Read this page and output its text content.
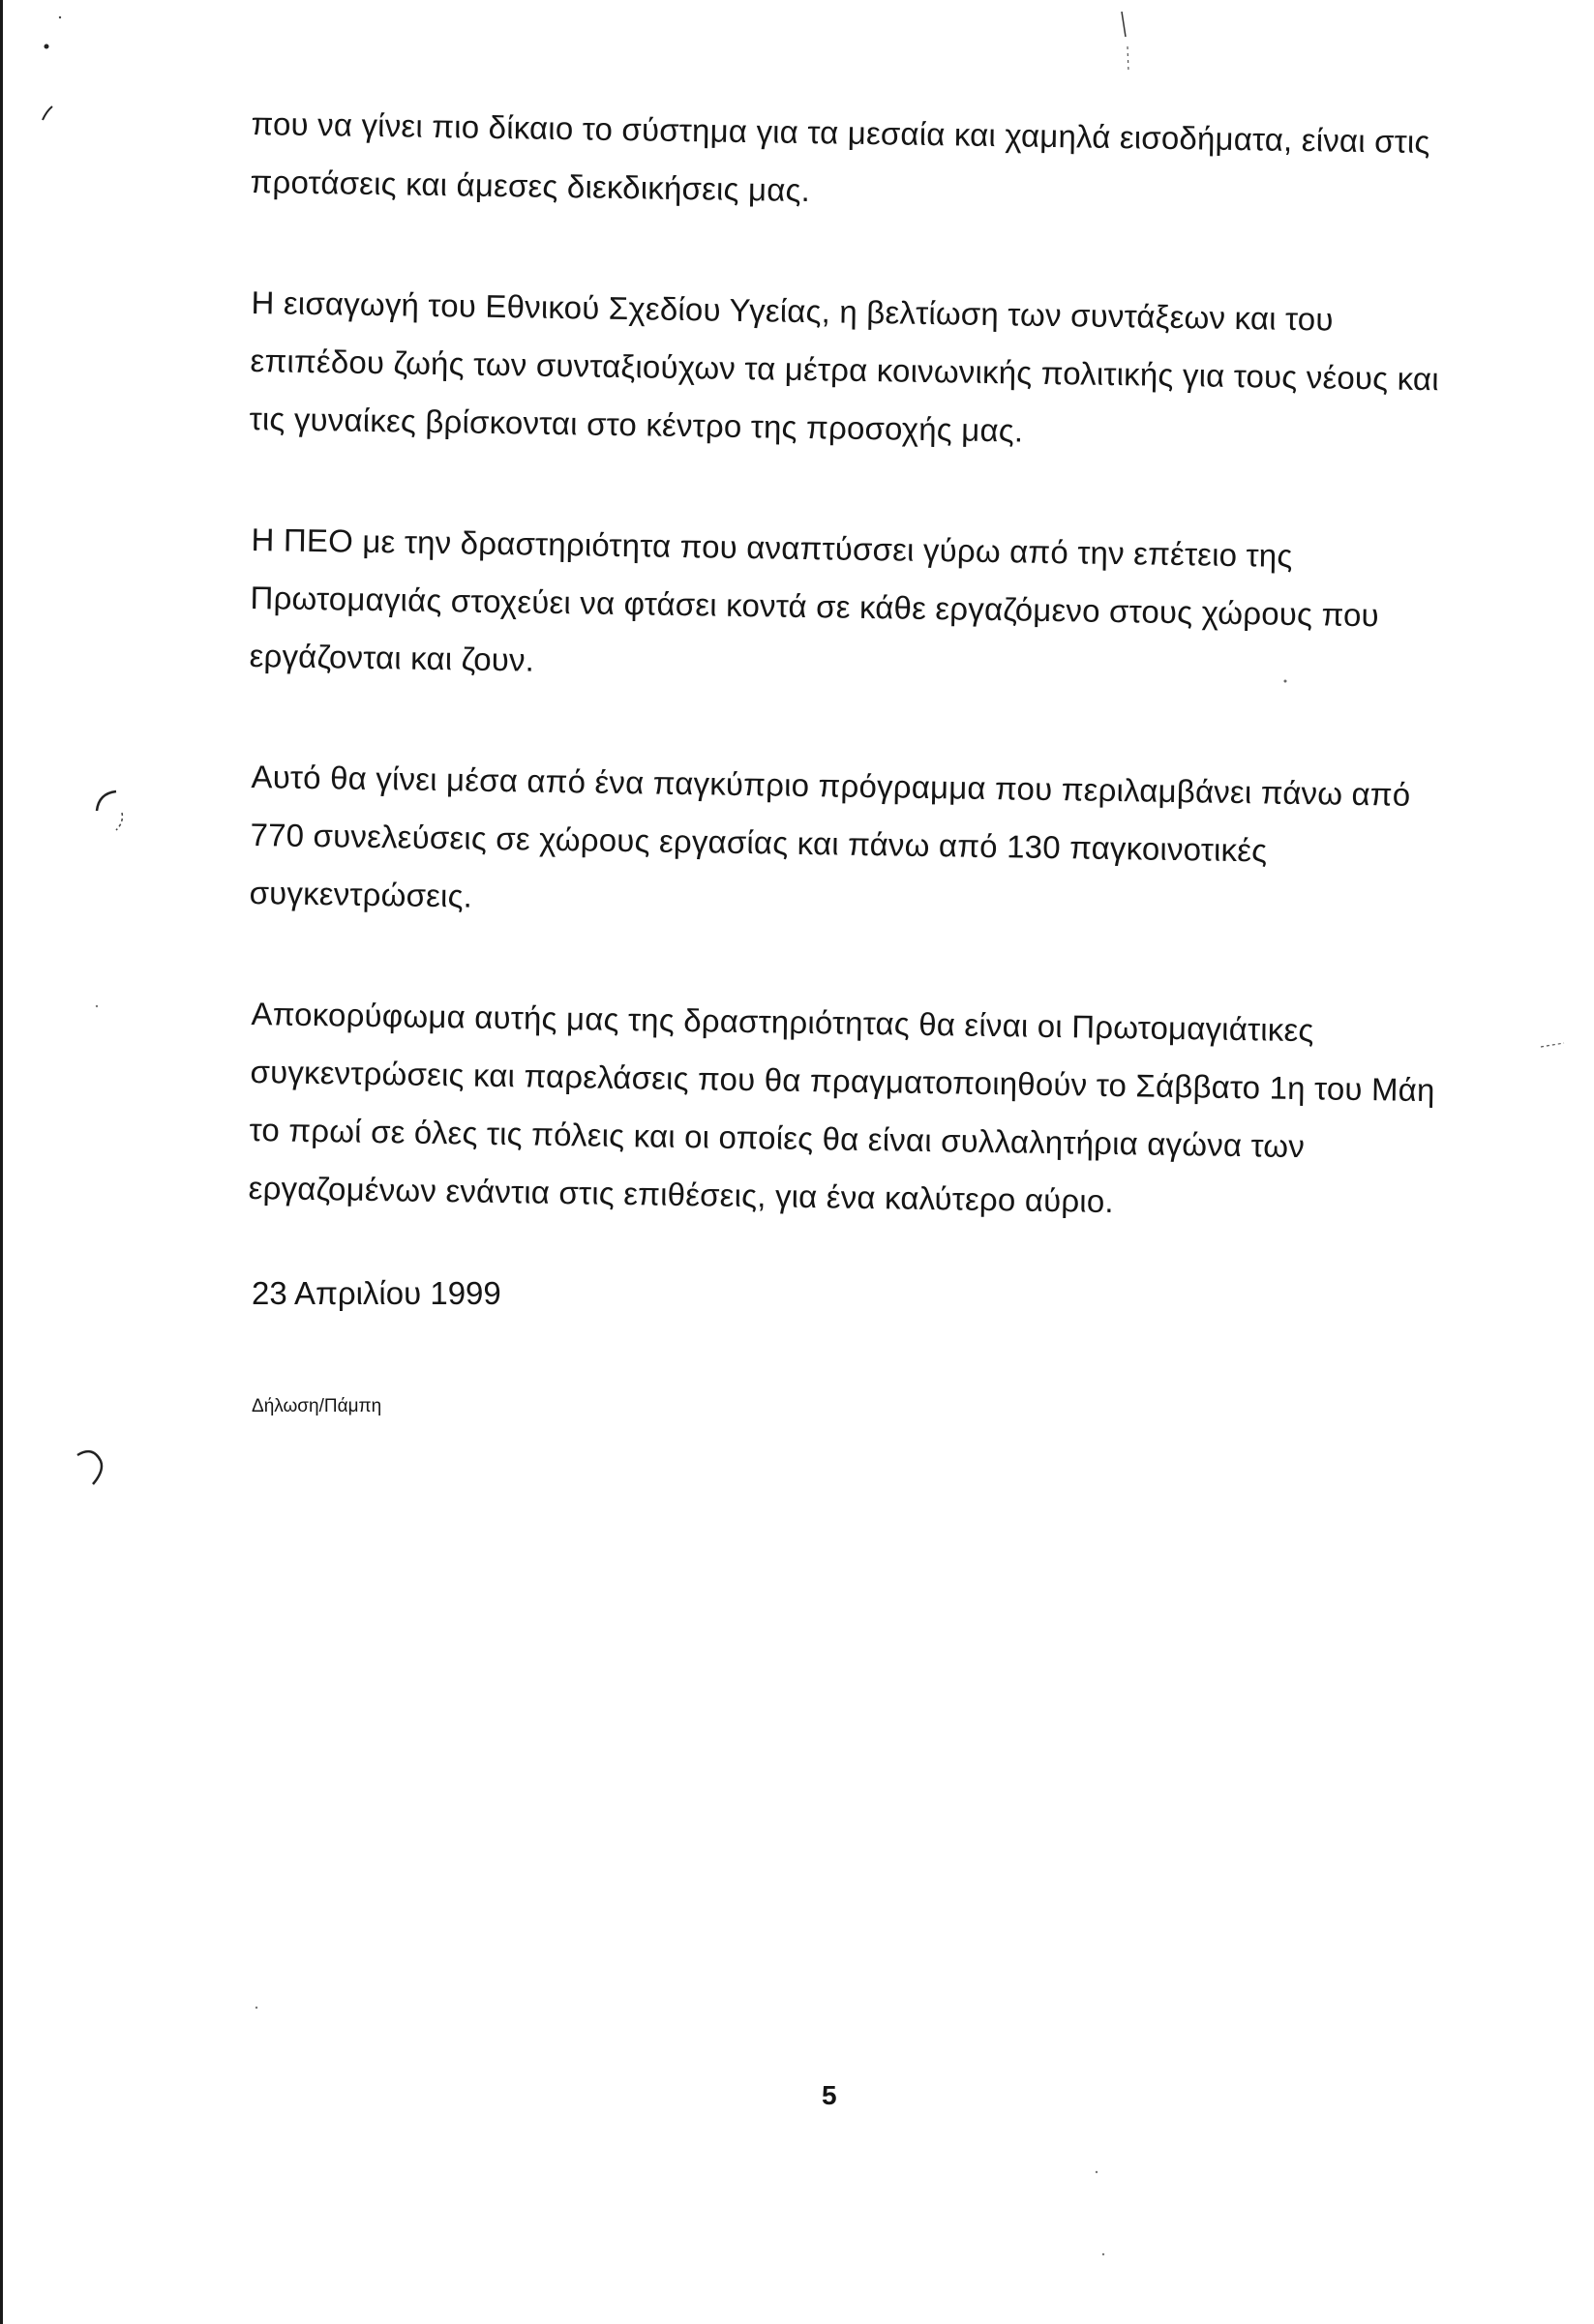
που να γίνει πιο δίκαιο το σύστημα για τα μεσαία και χαμηλά εισοδήματα, είναι στις προτάσεις και άμεσες διεκδικήσεις μας.

Η εισαγωγή του Εθνικού Σχεδίου Υγείας, η βελτίωση των συντάξεων και του επιπέδου ζωής των συνταξιούχων τα μέτρα κοινωνικής πολιτικής για τους νέους και τις γυναίκες βρίσκονται στο κέντρο της προσοχής μας.

Η ΠΕΟ με την δραστηριότητα που αναπτύσσει γύρω από την επέτειο της Πρωτομαγιάς στοχεύει να φτάσει κοντά σε κάθε εργαζόμενο στους χώρους που εργάζονται και ζουν.

Αυτό θα γίνει μέσα από ένα παγκύπριο πρόγραμμα που περιλαμβάνει πάνω από 770 συνελεύσεις σε χώρους εργασίας και πάνω από 130 παγκοινοτικές συγκεντρώσεις.

Αποκορύφωμα αυτής μας της δραστηριότητας θα είναι οι Πρωτομαγιάτικες συγκεντρώσεις και παρελάσεις που θα πραγματοποιηθούν το Σάββατο 1η του Μάη το πρωί σε όλες τις πόλεις και οι οποίες θα είναι συλλαλητήρια αγώνα των εργαζομένων ενάντια στις επιθέσεις, για ένα καλύτερο αύριο.

23 Απριλίου 1999

Δήλωση/Πάμπη

5
